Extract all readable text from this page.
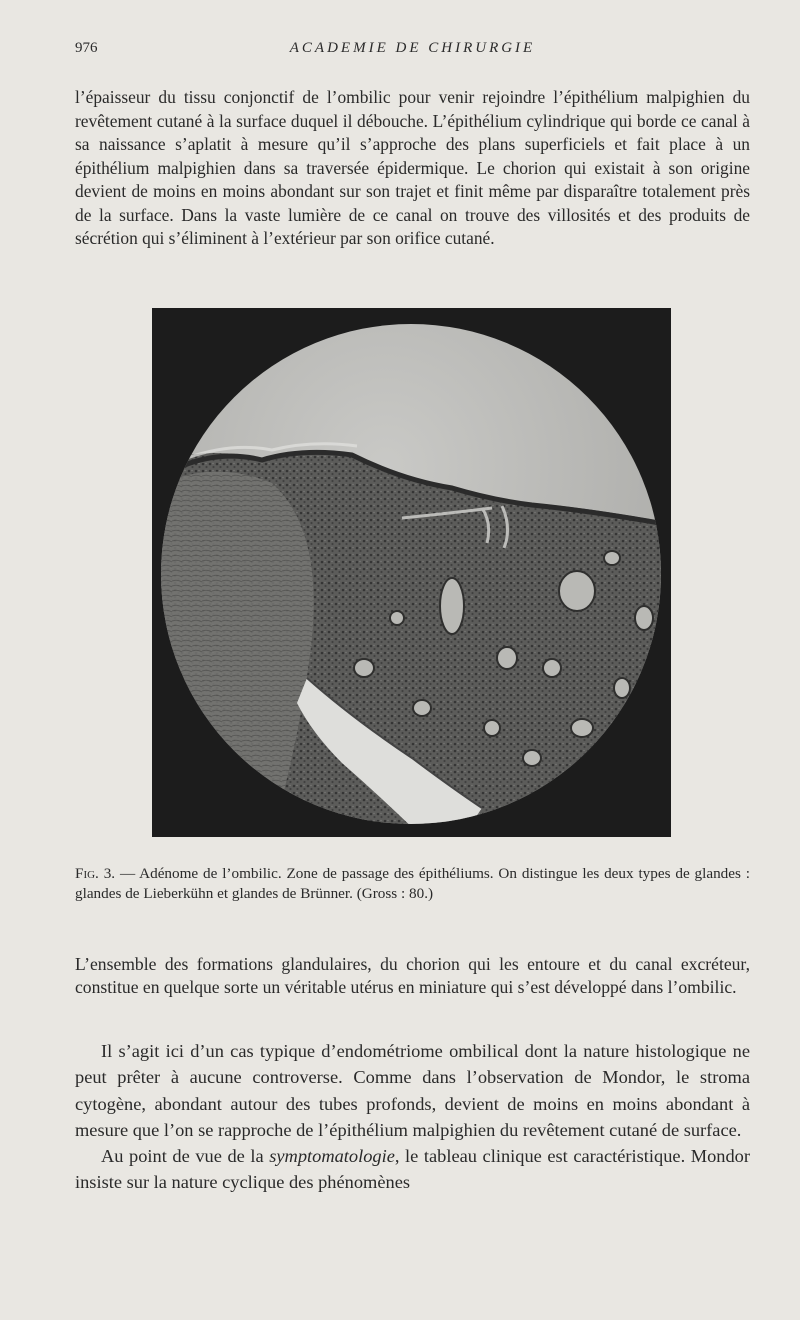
976	ACADEMIE DE CHIRURGIE

l’épaisseur du tissu conjonctif de l’ombilic pour venir rejoindre l’épithélium malpighien du revêtement cutané à la surface duquel il débouche. L’épithélium cylindrique qui borde ce canal à sa naissance s’aplatit à mesure qu’il s’approche des plans superficiels et fait place à un épithélium malpighien dans sa traversée épidermique. Le chorion qui existait à son origine devient de moins en moins abondant sur son trajet et finit même par disparaître totalement près de la surface. Dans la vaste lumière de ce canal on trouve des villosités et des produits de sécrétion qui s’éliminent à l’extérieur par son orifice cutané.

Fig. 3. — Adénome de l’ombilic. Zone de passage des épithéliums. On distingue les deux types de glandes : glandes de Lieberkühn et glandes de Brünner. (Gross : 80.)

L’ensemble des formations glandulaires, du chorion qui les entoure et du canal excréteur, constitue en quelque sorte un véritable utérus en miniature qui s’est développé dans l’ombilic.

Il s’agit ici d’un cas typique d’endométriome ombilical dont la nature histologique ne peut prêter à aucune controverse. Comme dans l’observation de Mondor, le stroma cytogène, abondant autour des tubes profonds, devient de moins en moins abondant à mesure que l’on se rapproche de l’épithélium malpighien du revêtement cutané de surface.

Au point de vue de la symptomatologie, le tableau clinique est caractéristique. Mondor insiste sur la nature cyclique des phénomènes
